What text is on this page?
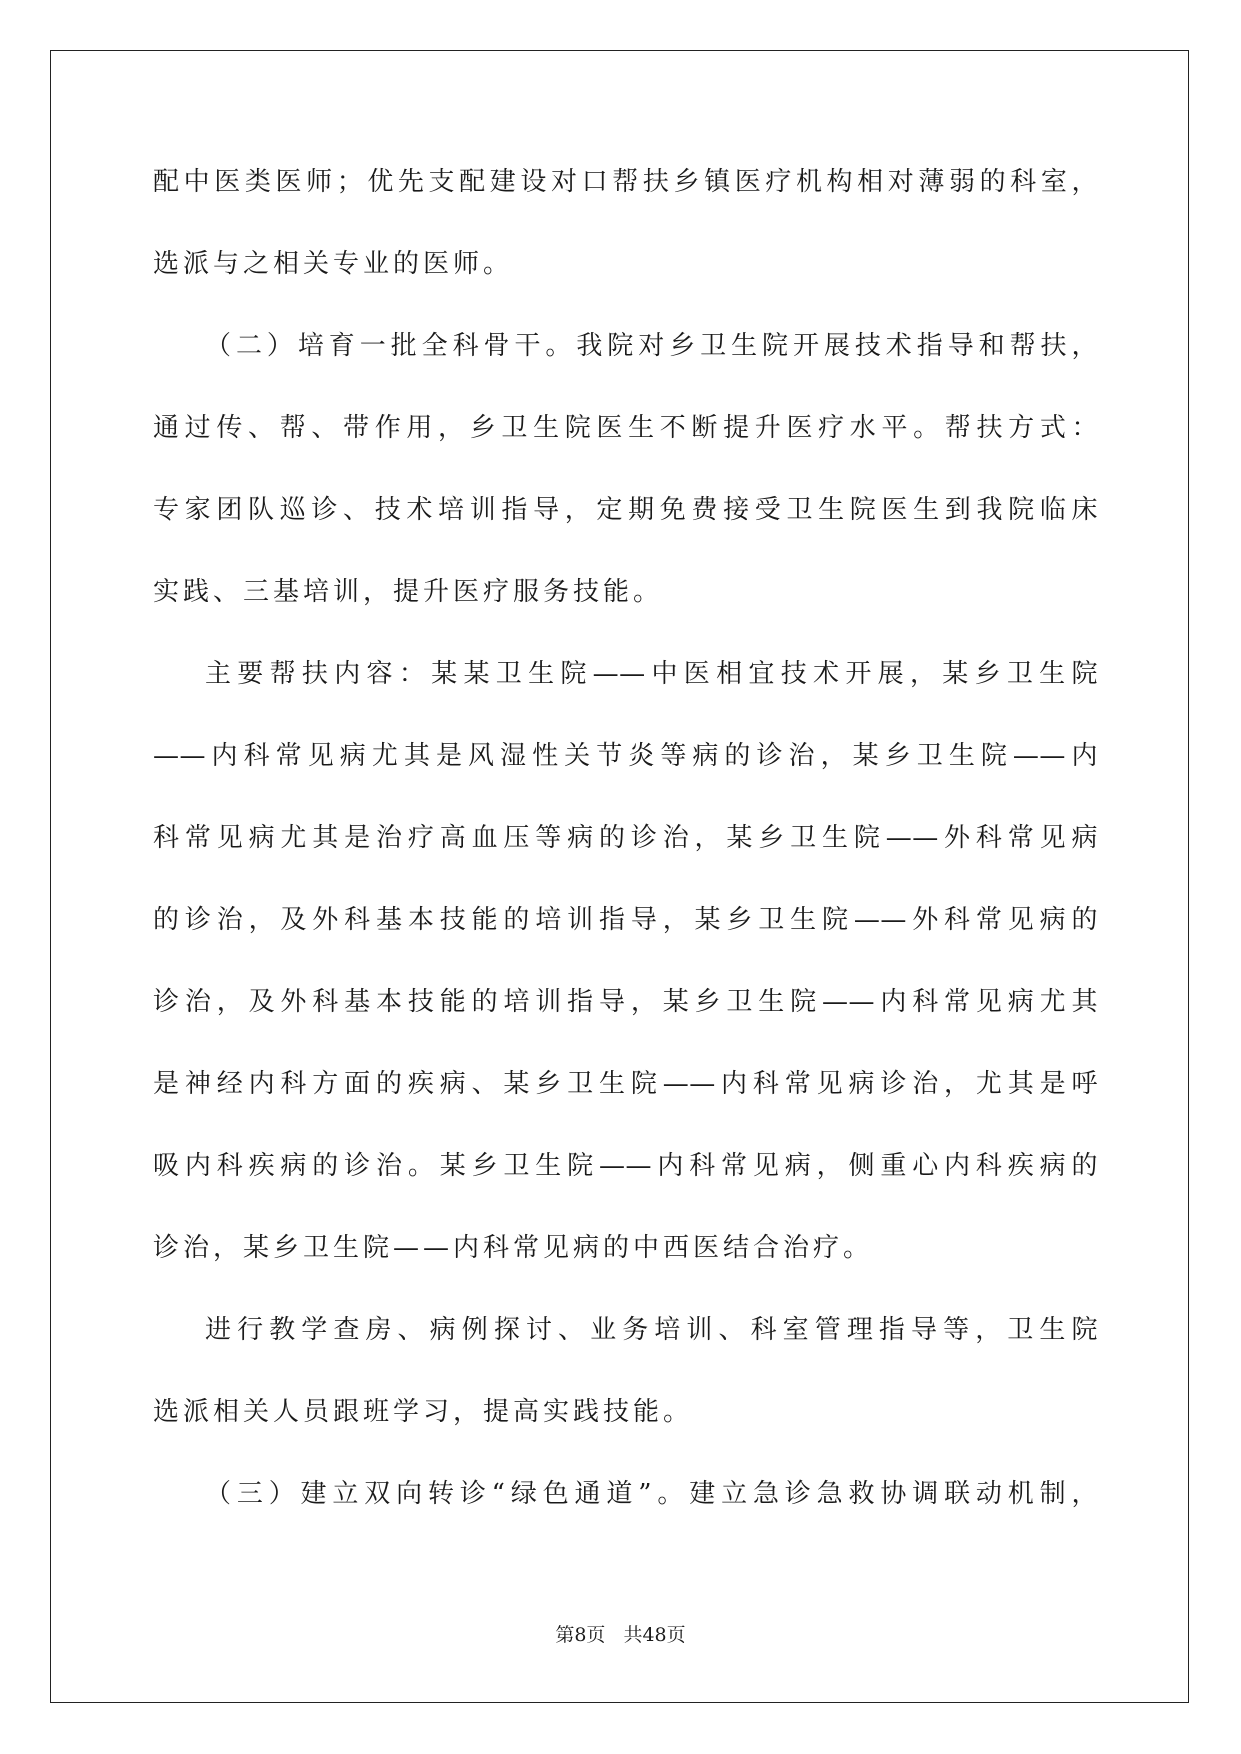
配中医类医师；优先支配建设对口帮扶乡镇医疗机构相对薄弱的科室，
选派与之相关专业的医师。
（二）培育一批全科骨干。我院对乡卫生院开展技术指导和帮扶，
通过传、帮、带作用，乡卫生院医生不断提升医疗水平。帮扶方式：
专家团队巡诊、技术培训指导，定期免费接受卫生院医生到我院临床
实践、三基培训，提升医疗服务技能。
主要帮扶内容：某某卫生院——中医相宜技术开展，某乡卫生院
——内科常见病尤其是风湿性关节炎等病的诊治，某乡卫生院——内
科常见病尤其是治疗高血压等病的诊治，某乡卫生院——外科常见病
的诊治，及外科基本技能的培训指导，某乡卫生院——外科常见病的
诊治，及外科基本技能的培训指导，某乡卫生院——内科常见病尤其
是神经内科方面的疾病、某乡卫生院——内科常见病诊治，尤其是呼
吸内科疾病的诊治。某乡卫生院——内科常见病，侧重心内科疾病的
诊治，某乡卫生院——内科常见病的中西医结合治疗。
进行教学查房、病例探讨、业务培训、科室管理指导等，卫生院
选派相关人员跟班学习，提高实践技能。
（三）建立双向转诊“绿色通道”。建立急诊急救协调联动机制，
第8页 共48页
